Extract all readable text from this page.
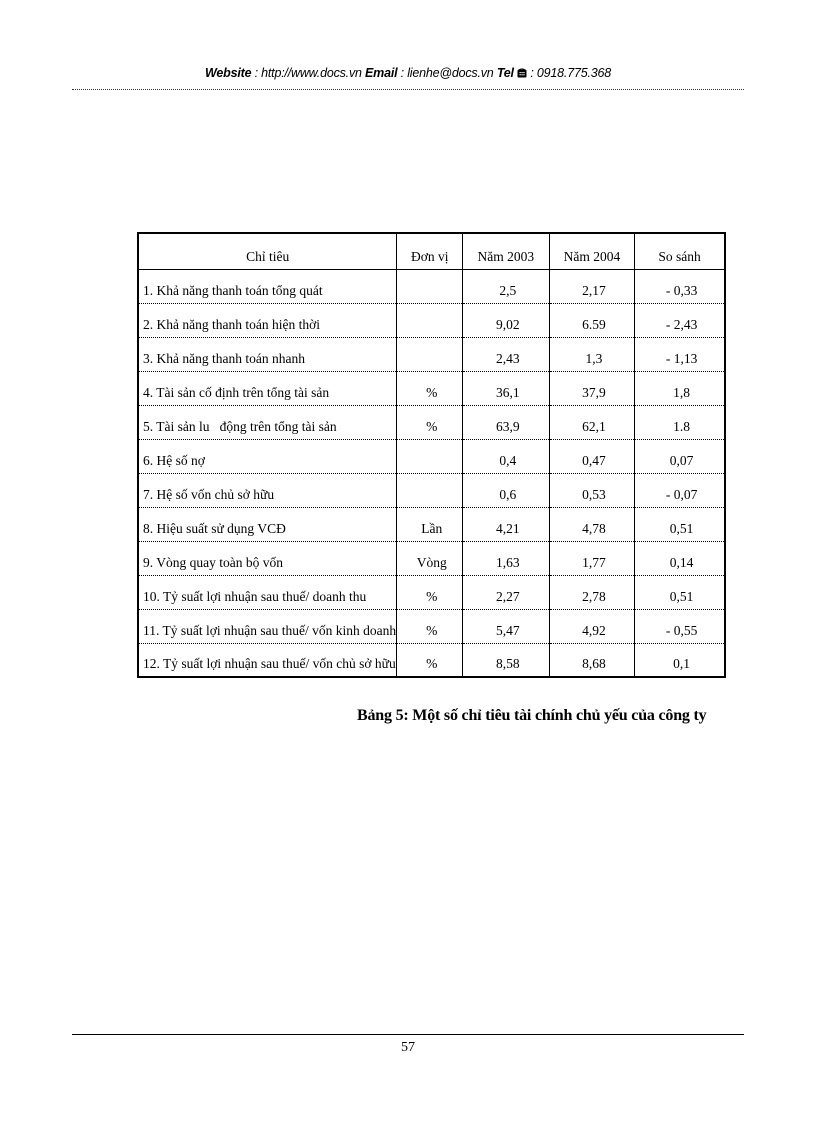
Website : http://www.docs.vn Email : lienhe@docs.vn Tel  : 0918.775.368
Chỉ tiêu	Đơn vị	Năm 2003	Năm 2004	So sánh
1. Khả năng thanh toán tổng quát		2,5	2,17	- 0,33
2. Khả năng thanh toán hiện thời		9,02	6.59	- 2,43
3. Khả năng thanh toán nhanh		2,43	1,3	- 1,13
4. Tài sản cố định trên tổng tài sản	%	36,1	37,9	1,8
5. Tài sản lu   động trên tổng tài sản	%	63,9	62,1	1.8
6. Hệ số nợ		0,4	0,47	0,07
7. Hệ số vốn chủ sở hữu		0,6	0,53	- 0,07
8. Hiệu suất sử dụng VCĐ	Lần	4,21	4,78	0,51
9. Vòng quay toàn bộ vốn	Vòng	1,63	1,77	0,14
10. Tỷ suất lợi nhuận sau thuế/ doanh thu	%	2,27	2,78	0,51
11. Tỷ suất lợi nhuận sau thuế/ vốn kinh doanh	%	5,47	4,92	- 0,55
12. Tỷ suất lợi nhuận sau thuế/ vốn chủ sở hữu	%	8,58	8,68	0,1
Bảng 5: Một số chỉ tiêu tài chính chủ yếu của công ty
57
